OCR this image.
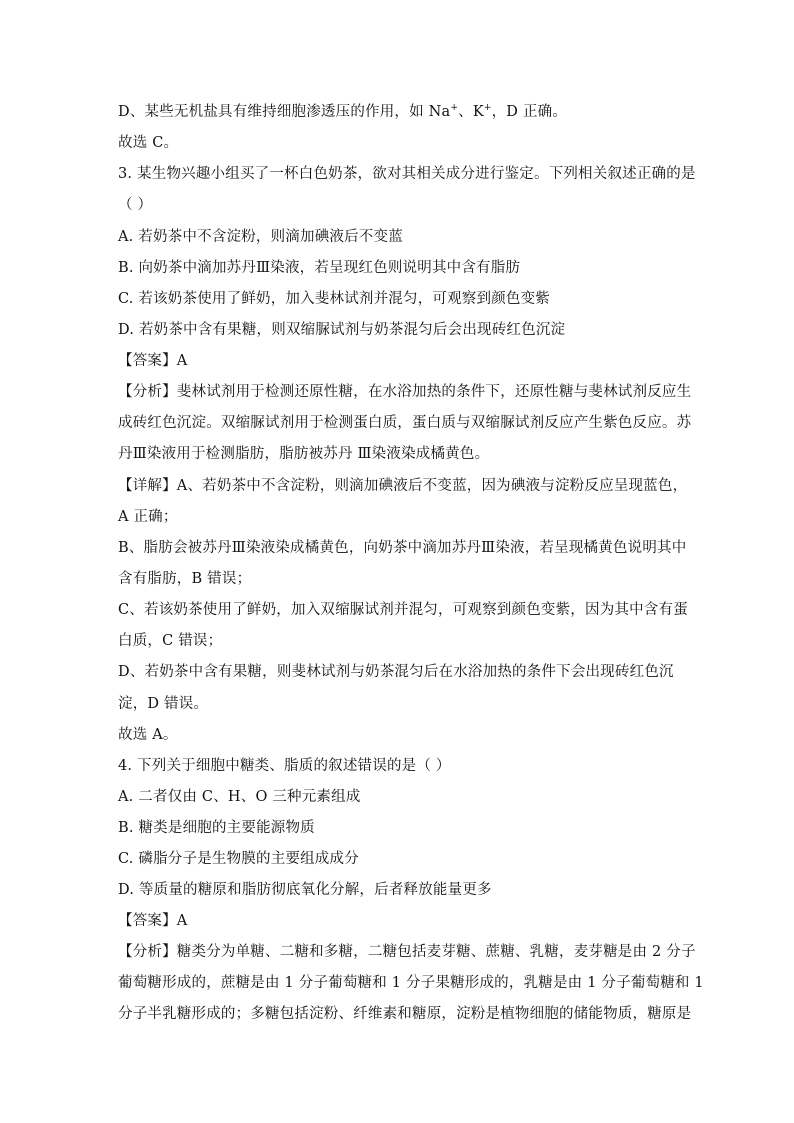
D、某些无机盐具有维持细胞渗透压的作用，如 Na+、K+，D 正确。
故选 C。
3. 某生物兴趣小组买了一杯白色奶茶，欲对其相关成分进行鉴定。下列相关叙述正确的是
（ ）
A. 若奶茶中不含淀粉，则滴加碘液后不变蓝
B. 向奶茶中滴加苏丹Ⅲ染液，若呈现红色则说明其中含有脂肪
C. 若该奶茶使用了鲜奶，加入斐林试剂并混匀，可观察到颜色变紫
D. 若奶茶中含有果糖，则双缩脲试剂与奶茶混匀后会出现砖红色沉淀
【答案】A
【分析】斐林试剂用于检测还原性糖，在水浴加热的条件下，还原性糖与斐林试剂反应生
成砖红色沉淀。双缩脲试剂用于检测蛋白质，蛋白质与双缩脲试剂反应产生紫色反应。苏
丹Ⅲ染液用于检测脂肪，脂肪被苏丹 Ⅲ染液染成橘黄色。
【详解】A、若奶茶中不含淀粉，则滴加碘液后不变蓝，因为碘液与淀粉反应呈现蓝色，
A 正确；
B、脂肪会被苏丹Ⅲ染液染成橘黄色，向奶茶中滴加苏丹Ⅲ染液，若呈现橘黄色说明其中
含有脂肪，B 错误；
C、若该奶茶使用了鲜奶，加入双缩脲试剂并混匀，可观察到颜色变紫，因为其中含有蛋
白质，C 错误；
D、若奶茶中含有果糖，则斐林试剂与奶茶混匀后在水浴加热的条件下会出现砖红色沉
淀，D 错误。
故选 A。
4. 下列关于细胞中糖类、脂质的叙述错误的是（ ）
A. 二者仅由 C、H、O 三种元素组成
B. 糖类是细胞的主要能源物质
C. 磷脂分子是生物膜的主要组成成分
D. 等质量的糖原和脂肪彻底氧化分解，后者释放能量更多
【答案】A
【分析】糖类分为单糖、二糖和多糖，二糖包括麦芽糖、蔗糖、乳糖，麦芽糖是由 2 分子
葡萄糖形成的，蔗糖是由 1 分子葡萄糖和 1 分子果糖形成的，乳糖是由 1 分子葡萄糖和 1
分子半乳糖形成的；多糖包括淀粉、纤维素和糖原，淀粉是植物细胞的储能物质，糖原是
